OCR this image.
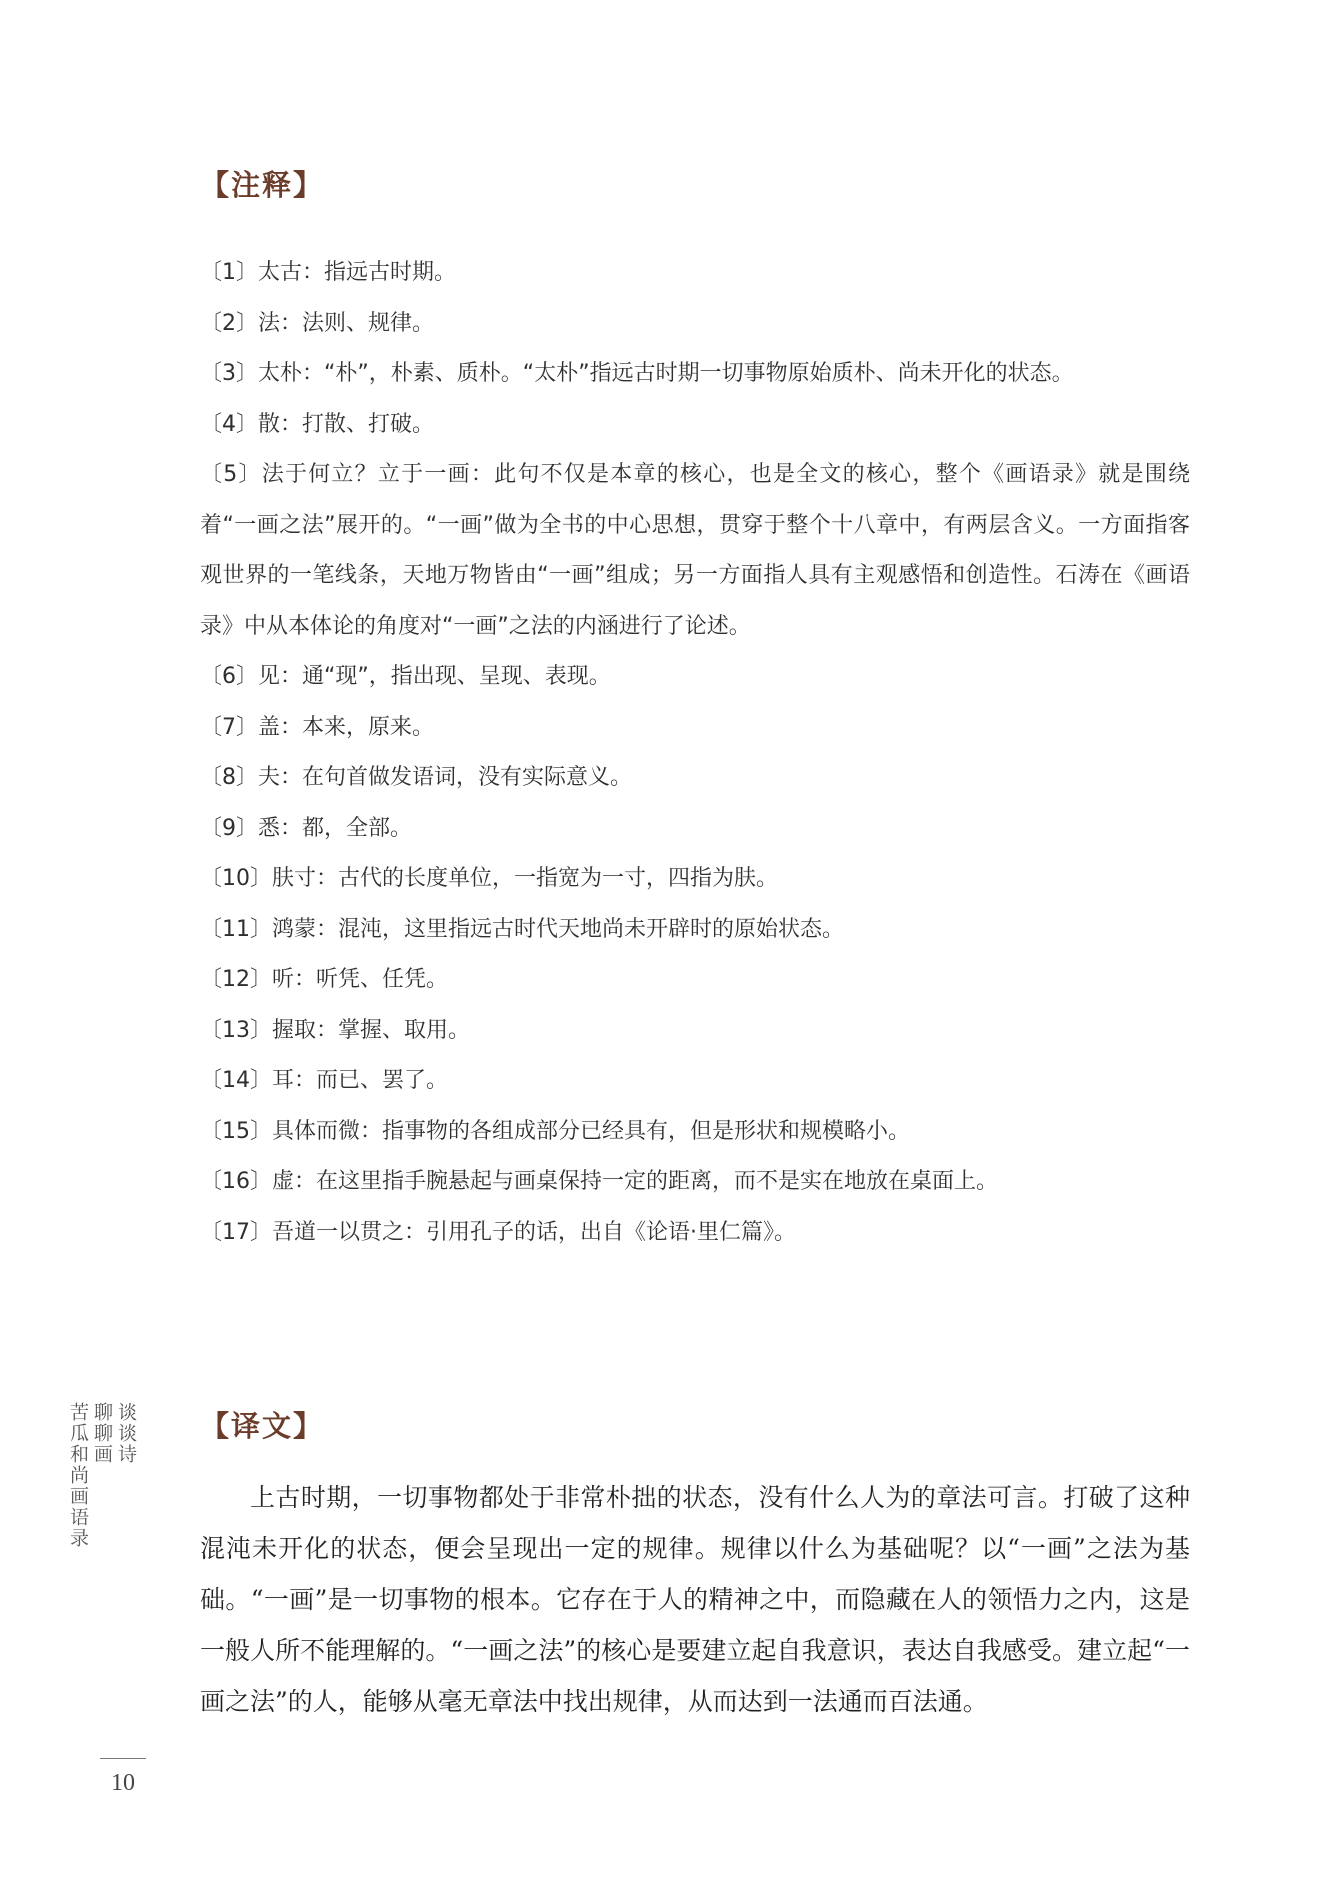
【注释】
〔1〕太古：指远古时期。
〔2〕法：法则、规律。
〔3〕太朴：“朴”，朴素、质朴。“太朴”指远古时期一切事物原始质朴、尚未开化的状态。
〔4〕散：打散、打破。
〔5〕法于何立？立于一画：此句不仅是本章的核心，也是全文的核心，整个《画语录》就是围绕着“一画之法”展开的。“一画”做为全书的中心思想，贯穿于整个十八章中，有两层含义。一方面指客观世界的一笔线条，天地万物皆由“一画”组成；另一方面指人具有主观感悟和创造性。石涛在《画语录》中从本体论的角度对“一画”之法的内涵进行了论述。
〔6〕见：通“现”，指出现、呈现、表现。
〔7〕盖：本来，原来。
〔8〕夫：在句首做发语词，没有实际意义。
〔9〕悉：都，全部。
〔10〕肤寸：古代的长度单位，一指宽为一寸，四指为肤。
〔11〕鸿蒙：混沌，这里指远古时代天地尚未开辟时的原始状态。
〔12〕听：听凭、任凭。
〔13〕握取：掌握、取用。
〔14〕耳：而已、罢了。
〔15〕具体而微：指事物的各组成部分已经具有，但是形状和规模略小。
〔16〕虚：在这里指手腕悬起与画桌保持一定的距离，而不是实在地放在桌面上。
〔17〕吾道一以贯之：引用孔子的话，出自《论语·里仁篇》。
【译文】

上古时期，一切事物都处于非常朴拙的状态，没有什么人为的章法可言。打破了这种混沌未开化的状态，便会呈现出一定的规律。规律以什么为基础呢？以“一画”之法为基础。“一画”是一切事物的根本。它存在于人的精神之中，而隐藏在人的领悟力之内，这是一般人所不能理解的。“一画之法”的核心是要建立起自我意识，表达自我感受。建立起“一画之法”的人，能够从毫无章法中找出规律，从而达到一法通而百法通。

谈谈诗
聊聊画
苦瓜和尚画语录
10
